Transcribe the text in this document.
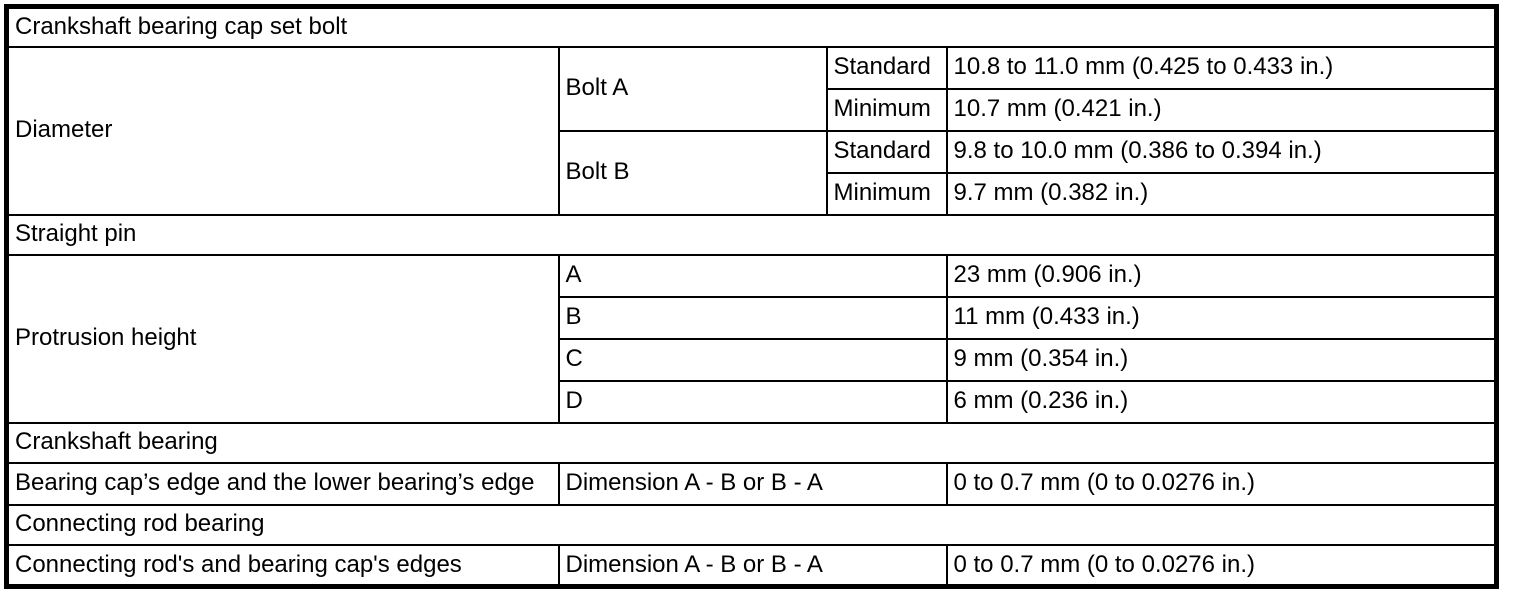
Crankshaft bearing cap set bolt			
Diameter	Bolt A	Standard	10.8 to 11.0 mm (0.425 to 0.433 in.)
		Minimum	10.7 mm (0.421 in.)
	Bolt B	Standard	9.8 to 10.0 mm (0.386 to 0.394 in.)
		Minimum	9.7 mm (0.382 in.)
Straight pin			
Protrusion height	A		23 mm (0.906 in.)
	B		11 mm (0.433 in.)
	C		9 mm (0.354 in.)
	D		6 mm (0.236 in.)
Crankshaft bearing			
Bearing cap’s edge and the lower bearing’s edge	Dimension A - B or B - A		0 to 0.7 mm (0 to 0.0276 in.)
Connecting rod bearing			
Connecting rod's and bearing cap's edges	Dimension A - B or B - A		0 to 0.7 mm (0 to 0.0276 in.)
